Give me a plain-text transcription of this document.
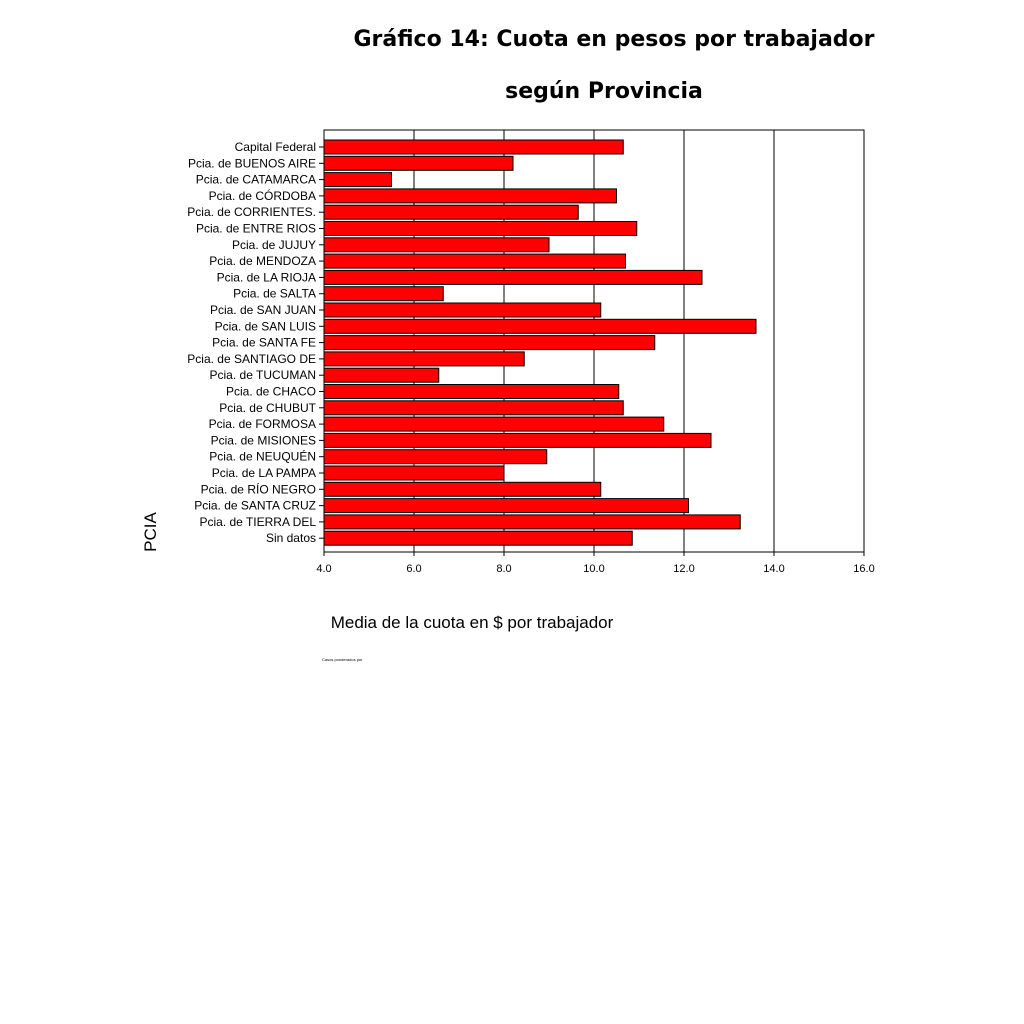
Gráfico 14: Cuota en pesos por trabajador
según Provincia
Capital Federal
Pcia. de BUENOS AIRE
Pcia. de CATAMARCA
Pcia. de CÓRDOBA
Pcia. de CORRIENTES.
Pcia. de ENTRE RIOS
Pcia. de JUJUY
Pcia. de MENDOZA
Pcia. de LA RIOJA
Pcia. de SALTA
Pcia. de SAN JUAN
Pcia. de SAN LUIS
Pcia. de SANTA FE
Pcia. de SANTIAGO DE
Pcia. de TUCUMAN
Pcia. de CHACO
Pcia. de CHUBUT
Pcia. de FORMOSA
Pcia. de MISIONES
Pcia. de NEUQUÉN
Pcia. de LA PAMPA
Pcia. de RÍO NEGRO
Pcia. de SANTA CRUZ
Pcia. de TIERRA DEL
Sin datos
4.0	6.0	8.0	10.0	12.0	14.0	16.0
Media de la cuota en $ por trabajador
PCIA
Casos ponderados por
